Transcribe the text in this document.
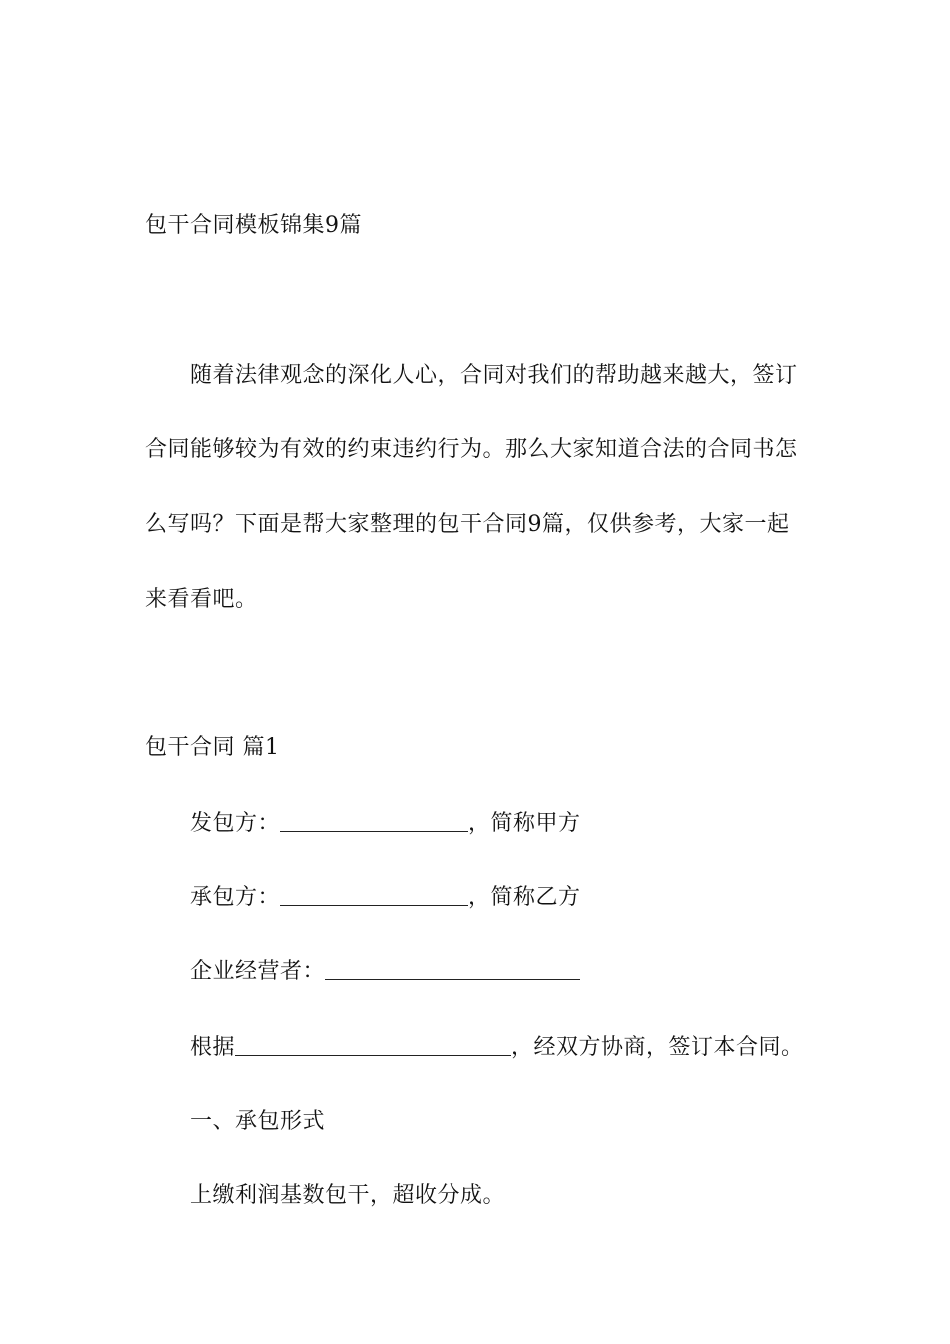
包干合同模板锦集9篇
随着法律观念的深化人心，合同对我们的帮助越来越大，签订
合同能够较为有效的约束违约行为。那么大家知道合法的合同书怎
么写吗？下面是帮大家整理的包干合同9篇，仅供参考，大家一起
来看看吧。
包干合同 篇1
发包方：	，简称甲方
承包方：	，简称乙方
企业经营者：
根据	，经双方协商，签订本合同。
一、承包形式
上缴利润基数包干，超收分成。
